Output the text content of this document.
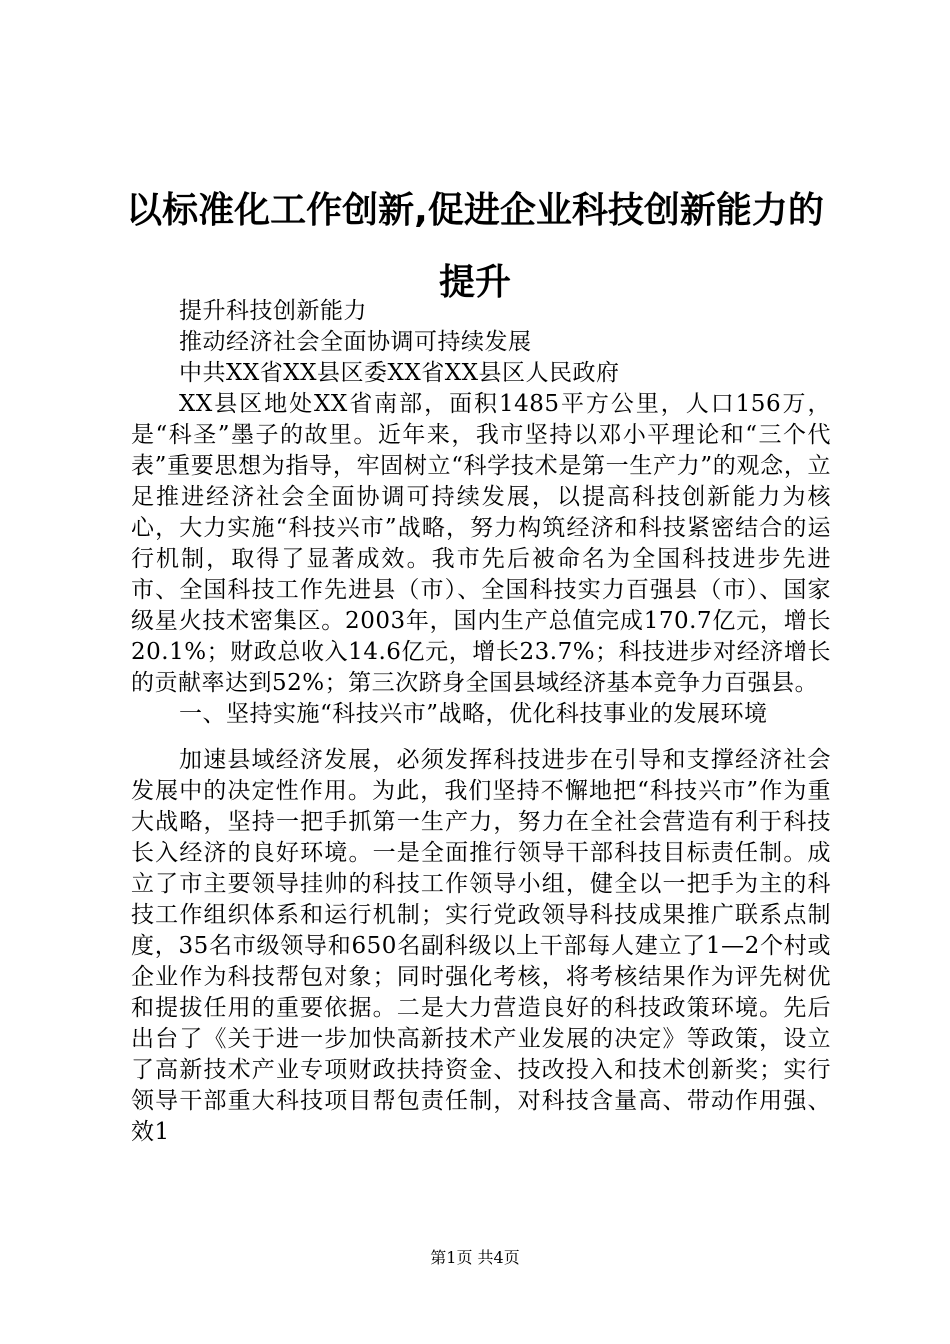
以标准化工作创新,促进企业科技创新能力的提升

提升科技创新能力

推动经济社会全面协调可持续发展

中共XX省XX县区委XX省XX县区人民政府

XX县区地处XX省南部，面积1485平方公里，人口156万，是“科圣”墨子的故里。近年来，我市坚持以邓小平理论和“三个代表”重要思想为指导，牢固树立“科学技术是第一生产力”的观念，立足推进经济社会全面协调可持续发展，以提高科技创新能力为核心，大力实施“科技兴市”战略，努力构筑经济和科技紧密结合的运行机制，取得了显著成效。我市先后被命名为全国科技进步先进市、全国科技工作先进县（市）、全国科技实力百强县（市）、国家级星火技术密集区。2003年，国内生产总值完成170.7亿元，增长20.1%；财政总收入14.6亿元，增长23.7%；科技进步对经济增长的贡献率达到52%；第三次跻身全国县域经济基本竞争力百强县。

一、坚持实施“科技兴市”战略，优化科技事业的发展环境

加速县域经济发展，必须发挥科技进步在引导和支撑经济社会发展中的决定性作用。为此，我们坚持不懈地把“科技兴市”作为重大战略，坚持一把手抓第一生产力，努力在全社会营造有利于科技长入经济的良好环境。一是全面推行领导干部科技目标责任制。成立了市主要领导挂帅的科技工作领导小组，健全以一把手为主的科技工作组织体系和运行机制；实行党政领导科技成果推广联系点制度，35名市级领导和650名副科级以上干部每人建立了1—2个村或企业作为科技帮包对象；同时强化考核，将考核结果作为评先树优和提拔任用的重要依据。二是大力营造良好的科技政策环境。先后出台了《关于进一步加快高新技术产业发展的决定》等政策，设立了高新技术产业专项财政扶持资金、技改投入和技术创新奖；实行领导干部重大科技项目帮包责任制，对科技含量高、带动作用强、效1

第1页 共4页
